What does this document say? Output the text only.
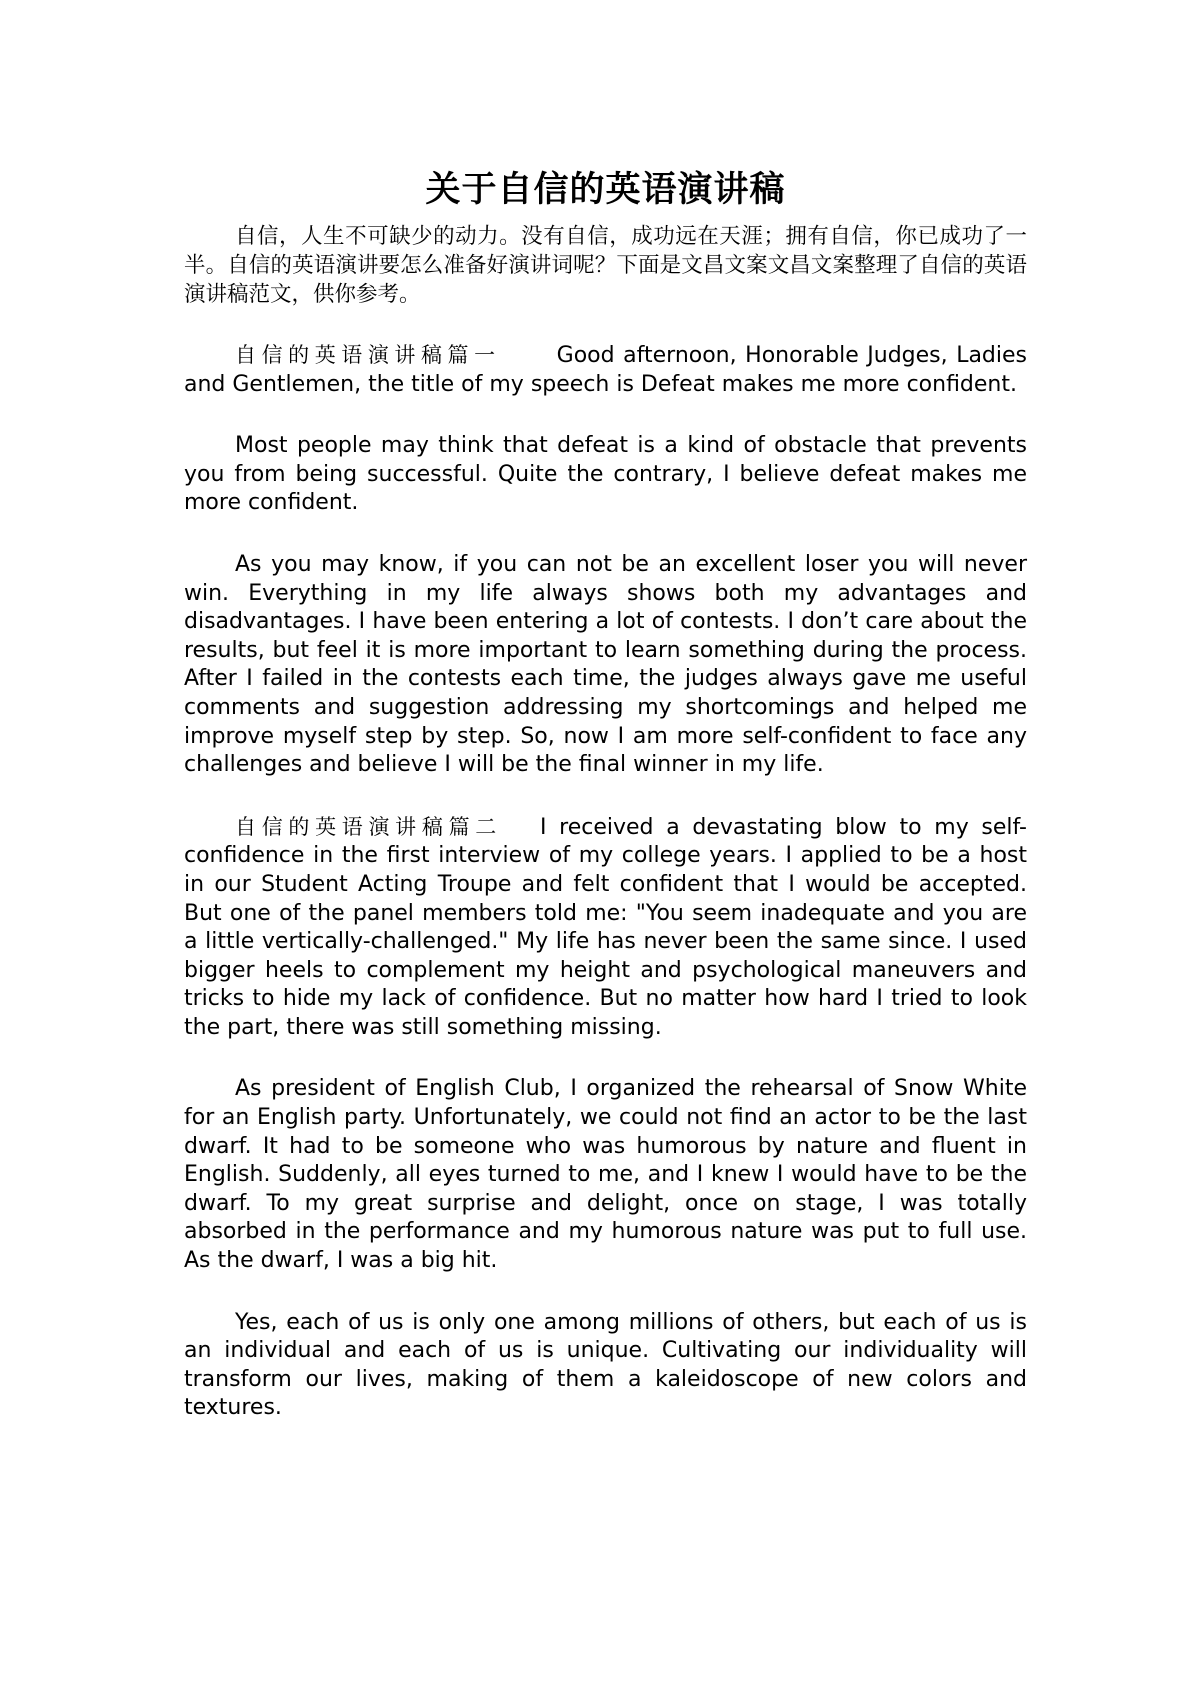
关于自信的英语演讲稿

自信，人生不可缺少的动力。没有自信，成功远在天涯；拥有自信，你已成功了一半。自信的英语演讲要怎么准备好演讲词呢？下面是文昌文案文昌文案整理了自信的英语演讲稿范文，供你参考。

自信的英语演讲稿篇一	Good afternoon, Honorable Judges, Ladies and Gentlemen, the title of my speech is Defeat makes me more confident.

Most people may think that defeat is a kind of obstacle that prevents you from being successful. Quite the contrary, I believe defeat makes me more confident.

As you may know, if you can not be an excellent loser you will never win. Everything in my life always shows both my advantages and disadvantages. I have been entering a lot of contests. I don’t care about the results, but feel it is more important to learn something during the process. After I failed in the contests each time, the judges always gave me useful comments and suggestion addressing my shortcomings and helped me improve myself step by step. So, now I am more self-confident to face any challenges and believe I will be the final winner in my life.

自信的英语演讲稿篇二 I received a devastating blow to my self-confidence in the first interview of my college years. I applied to be a host in our Student Acting Troupe and felt confident that I would be accepted. But one of the panel members told me: "You seem inadequate and you are a little vertically-challenged." My life has never been the same since. I used bigger heels to complement my height and psychological maneuvers and tricks to hide my lack of confidence. But no matter how hard I tried to look the part, there was still something missing.

As president of English Club, I organized the rehearsal of Snow White for an English party. Unfortunately, we could not find an actor to be the last dwarf. It had to be someone who was humorous by nature and fluent in English. Suddenly, all eyes turned to me, and I knew I would have to be the dwarf. To my great surprise and delight, once on stage, I was totally absorbed in the performance and my humorous nature was put to full use. As the dwarf, I was a big hit.

Yes, each of us is only one among millions of others, but each of us is an individual and each of us is unique. Cultivating our individuality will transform our lives, making of them a kaleidoscope of new colors and textures.
